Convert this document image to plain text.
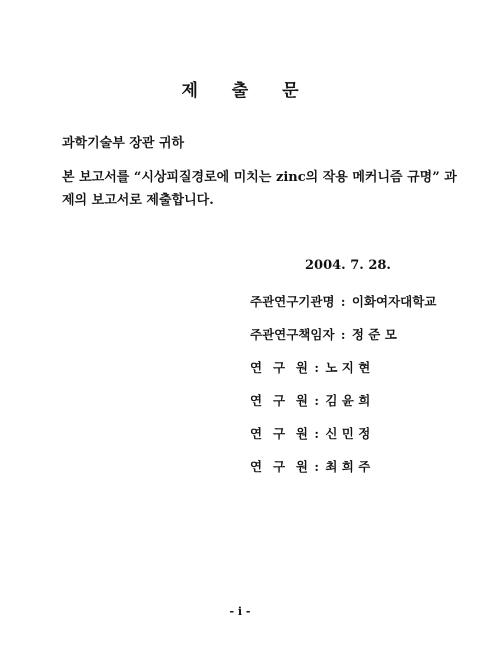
제 출 문
과학기술부 장관 귀하
본 보고서를 “시상피질경로에 미치는 zinc의 작용 메커니즘 규명” 과
제의 보고서로 제출합니다.
2004. 7. 28.
주관연구기관명 : 이화여자대학교
주관연구책임자 : 정 준 모
연 구 원 : 노 지 현
연 구 원 : 김 윤 희
연 구 원 : 신 민 정
연 구 원 : 최 희 주
- i -
